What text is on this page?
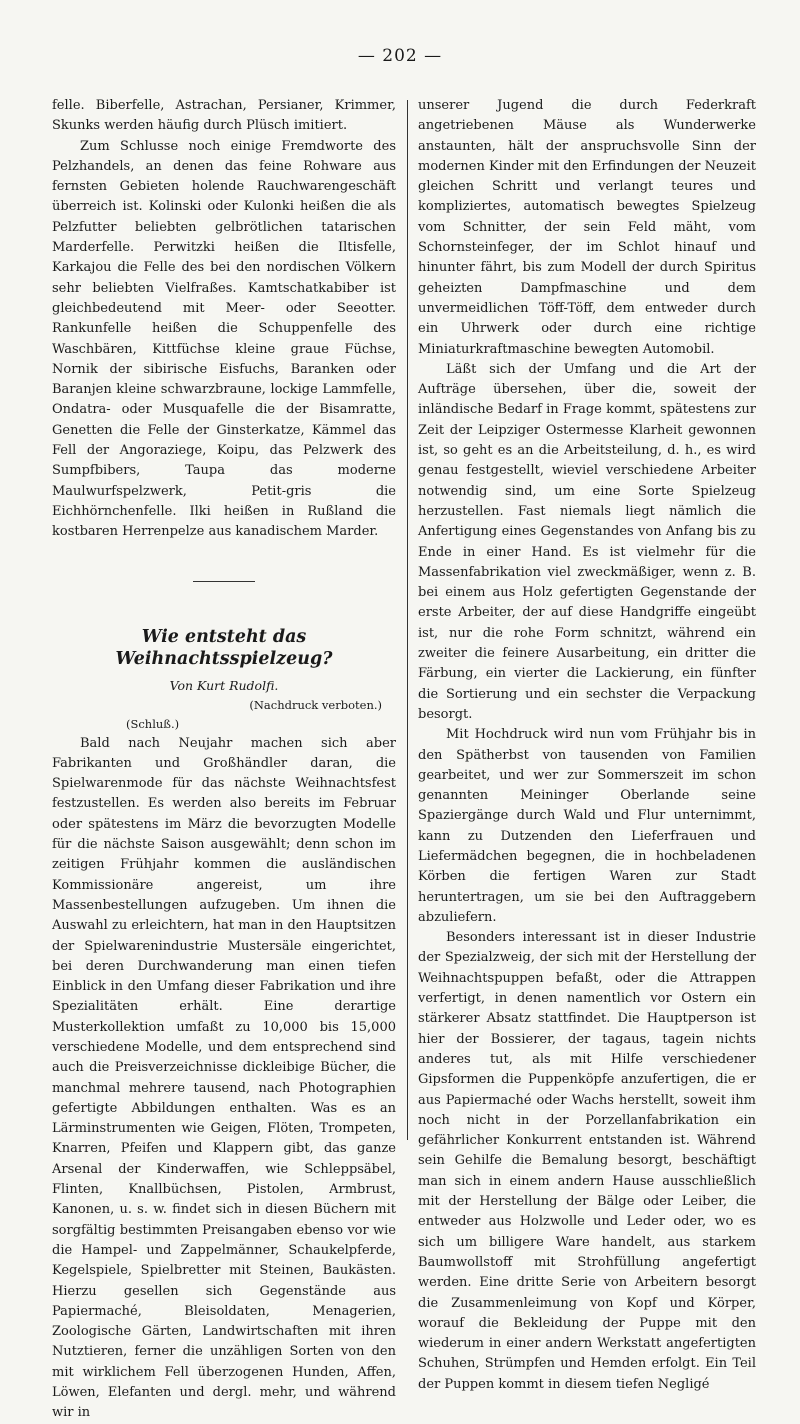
— 202 —

felle. Biberfelle, Astrachan, Persianer, Krimmer, Skunks werden häufig durch Plüsch imitiert.

Zum Schlusse noch einige Fremdworte des Pelzhandels, an denen das feine Rohware aus fernsten Gebieten holende Rauchwarengeschäft überreich ist. Kolinski oder Kulonki heißen die als Pelzfutter beliebten gelbrötlichen tatarischen Marderfelle. Perwitzki heißen die Iltisfelle, Karkajou die Felle des bei den nordischen Völkern sehr beliebten Vielfraßes. Kamtschatkabiber ist gleichbedeutend mit Meer- oder Seeotter. Rankunfelle heißen die Schuppenfelle des Waschbären, Kittfüchse kleine graue Füchse, Nornik der sibirische Eisfuchs, Baranken oder Baranjen kleine schwarzbraune, lockige Lammfelle, Ondatra- oder Musquafelle die der Bisamratte, Genetten die Felle der Ginsterkatze, Kämmel das Fell der Angoraziege, Koipu, das Pelzwerk des Sumpfbibers, Taupa das moderne Maulwurfspelzwerk, Petit-gris die Eichhörnchenfelle. Ilki heißen in Rußland die kostbaren Herrenpelze aus kanadischem Marder.

Wie entsteht das Weihnachtsspielzeug?
Von Kurt Rudolfi.
(Nachdruck verboten.)
(Schluß.)

Bald nach Neujahr machen sich aber Fabrikanten und Großhändler daran, die Spielwarenmode für das nächste Weihnachtsfest festzustellen. Es werden also bereits im Februar oder spätestens im März die bevorzugten Modelle für die nächste Saison ausgewählt; denn schon im zeitigen Frühjahr kommen die ausländischen Kommissionäre angereist, um ihre Massenbestellungen aufzugeben. Um ihnen die Auswahl zu erleichtern, hat man in den Hauptsitzen der Spielwarenindustrie Mustersäle eingerichtet, bei deren Durchwanderung man einen tiefen Einblick in den Umfang dieser Fabrikation und ihre Spezialitäten erhält. Eine derartige Musterkollektion umfaßt zu 10,000 bis 15,000 verschiedene Modelle, und dem entsprechend sind auch die Preisverzeichnisse dickleibige Bücher, die manchmal mehrere tausend, nach Photographien gefertigte Abbildungen enthalten. Was es an Lärminstrumenten wie Geigen, Flöten, Trompeten, Knarren, Pfeifen und Klappern gibt, das ganze Arsenal der Kinderwaffen, wie Schleppsäbel, Flinten, Knallbüchsen, Pistolen, Armbrust, Kanonen, u. s. w. findet sich in diesen Büchern mit sorgfältig bestimmten Preisangaben ebenso vor wie die Hampel- und Zappelmänner, Schaukelpferde, Kegelspiele, Spielbretter mit Steinen, Baukästen. Hierzu gesellen sich Gegenstände aus Papiermaché, Bleisoldaten, Menagerien, Zoologische Gärten, Landwirtschaften mit ihren Nutztieren, ferner die unzähligen Sorten von den mit wirklichem Fell überzogenen Hunden, Affen, Löwen, Elefanten und dergl. mehr, und während wir in

unserer Jugend die durch Federkraft angetriebenen Mäuse als Wunderwerke anstaunten, hält der anspruchsvolle Sinn der modernen Kinder mit den Erfindungen der Neuzeit gleichen Schritt und verlangt teures und kompliziertes, automatisch bewegtes Spielzeug vom Schnitter, der sein Feld mäht, vom Schornsteinfeger, der im Schlot hinauf und hinunter fährt, bis zum Modell der durch Spiritus geheizten Dampfmaschine und dem unvermeidlichen Töff-Töff, dem entweder durch ein Uhrwerk oder durch eine richtige Miniaturkraftmaschine bewegten Automobil.

Läßt sich der Umfang und die Art der Aufträge übersehen, über die, soweit der inländische Bedarf in Frage kommt, spätestens zur Zeit der Leipziger Ostermesse Klarheit gewonnen ist, so geht es an die Arbeitsteilung, d. h., es wird genau festgestellt, wieviel verschiedene Arbeiter notwendig sind, um eine Sorte Spielzeug herzustellen. Fast niemals liegt nämlich die Anfertigung eines Gegenstandes von Anfang bis zu Ende in einer Hand. Es ist vielmehr für die Massenfabrikation viel zweckmäßiger, wenn z. B. bei einem aus Holz gefertigten Gegenstande der erste Arbeiter, der auf diese Handgriffe eingeübt ist, nur die rohe Form schnitzt, während ein zweiter die feinere Ausarbeitung, ein dritter die Färbung, ein vierter die Lackierung, ein fünfter die Sortierung und ein sechster die Verpackung besorgt.

Mit Hochdruck wird nun vom Frühjahr bis in den Spätherbst von tausenden von Familien gearbeitet, und wer zur Sommerszeit im schon genannten Meininger Oberlande seine Spaziergänge durch Wald und Flur unternimmt, kann zu Dutzenden den Lieferfrauen und Liefermädchen begegnen, die in hochbeladenen Körben die fertigen Waren zur Stadt heruntertragen, um sie bei den Auftraggebern abzuliefern.

Besonders interessant ist in dieser Industrie der Spezialzweig, der sich mit der Herstellung der Weihnachtspuppen befaßt, oder die Attrappen verfertigt, in denen namentlich vor Ostern ein stärkerer Absatz stattfindet. Die Hauptperson ist hier der Bossierer, der tagaus, tagein nichts anderes tut, als mit Hilfe verschiedener Gipsformen die Puppenköpfe anzufertigen, die er aus Papiermaché oder Wachs herstellt, soweit ihm noch nicht in der Porzellanfabrikation ein gefährlicher Konkurrent entstanden ist. Während sein Gehilfe die Bemalung besorgt, beschäftigt man sich in einem andern Hause ausschließlich mit der Herstellung der Bälge oder Leiber, die entweder aus Holzwolle und Leder oder, wo es sich um billigere Ware handelt, aus starkem Baumwollstoff mit Strohfüllung angefertigt werden. Eine dritte Serie von Arbeitern besorgt die Zusammenleimung von Kopf und Körper, worauf die Bekleidung der Puppe mit den wiederum in einer andern Werkstatt angefertigten Schuhen, Strümpfen und Hemden erfolgt. Ein Teil der Puppen kommt in diesem tiefen Negligé
